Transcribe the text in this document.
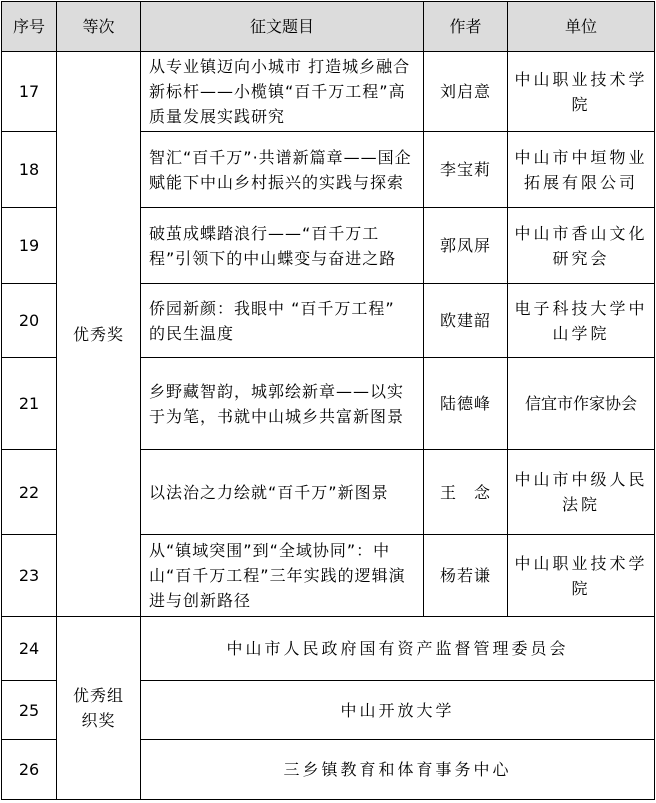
序号	等次	征文题目	作者	单位
17	优秀奖	从专业镇迈向小城市 打造城乡融合新标杆——小榄镇“百千万工程”高质量发展实践研究	刘启意	中山职业技术学院
18		智汇“百千万”·共谱新篇章——国企赋能下中山乡村振兴的实践与探索	李宝莉	中山市中垣物业拓展有限公司
19		破茧成蝶踏浪行——“百千万工程”引领下的中山蝶变与奋进之路	郭凤屏	中山市香山文化研究会
20		侨园新颜：我眼中 “百千万工程” 的民生温度	欧建韶	电子科技大学中山学院
21		乡野藏智韵，城郭绘新章——以实于为笔，书就中山城乡共富新图景	陆德峰	信宜市作家协会
22		以法治之力绘就“百千万”新图景	王　念	中山市中级人民法院
23		从“镇域突围”到“全域协同”：中山“百千万工程”三年实践的逻辑演进与创新路径	杨若谦	中山职业技术学院
24	优秀组织奖	中山市人民政府国有资产监督管理委员会		
25		中山开放大学		
26		三乡镇教育和体育事务中心		
